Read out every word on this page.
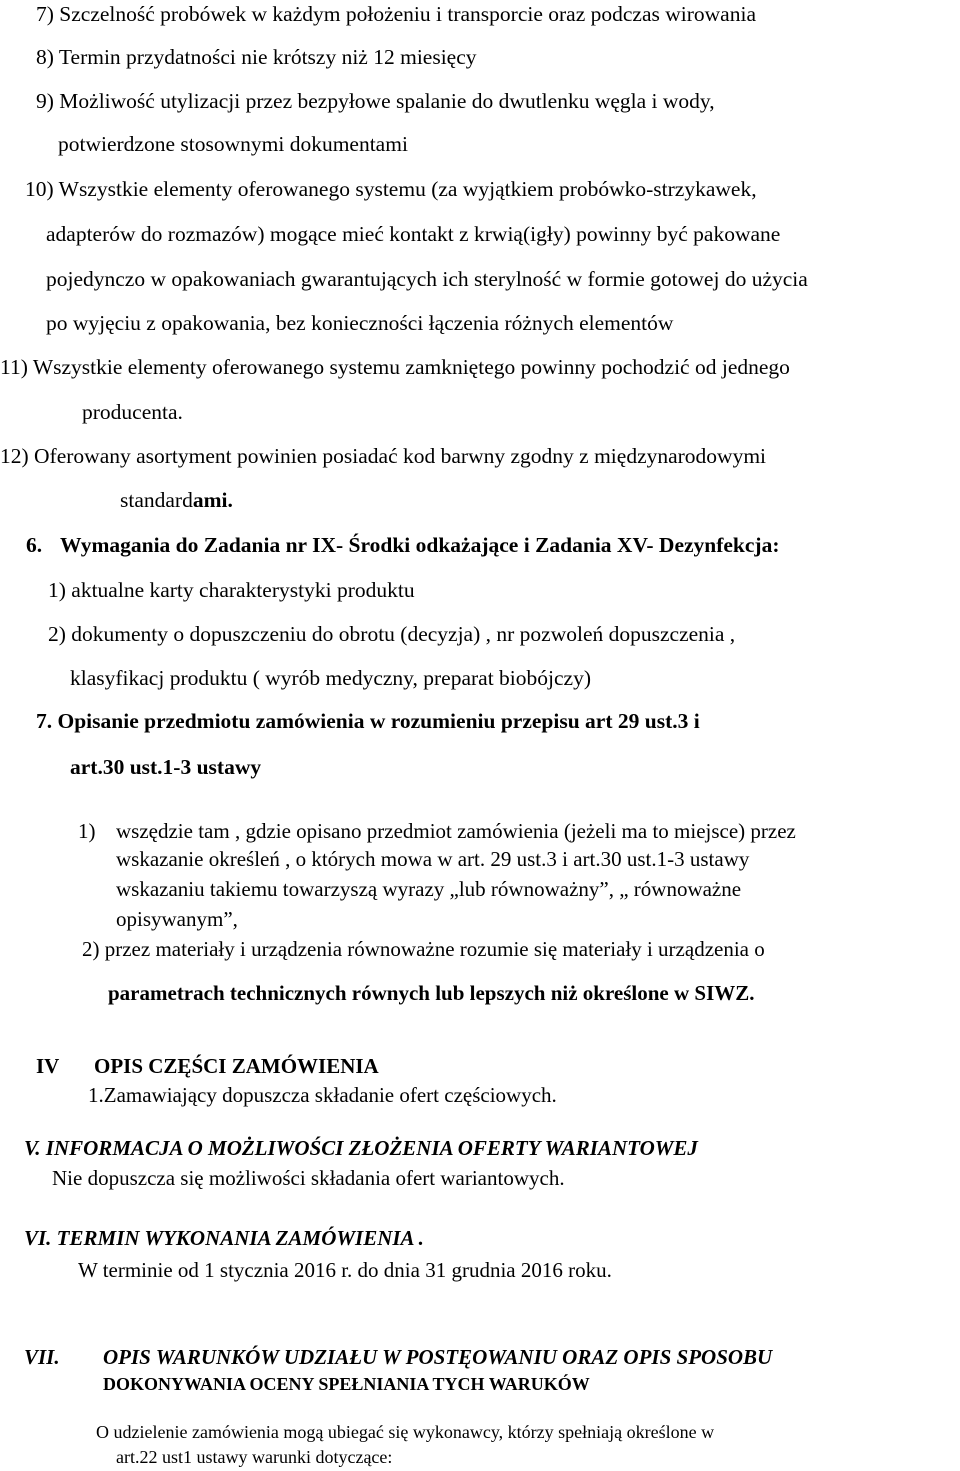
7) Szczelność probówek w każdym położeniu i transporcie oraz podczas wirowania

8) Termin przydatności nie krótszy niż 12 miesięcy

9) Możliwość utylizacji przez bezpyłowe spalanie do dwutlenku węgla i wody,

potwierdzone stosownymi dokumentami

10) Wszystkie elementy oferowanego systemu (za wyjątkiem probówko-strzykawek,

adapterów do rozmazów) mogące mieć kontakt z krwią(igły) powinny być pakowane

pojedynczo w opakowaniach gwarantujących ich sterylność w formie gotowej do użycia

po wyjęciu z opakowania, bez konieczności łączenia różnych elementów

11) Wszystkie elementy oferowanego systemu zamkniętego powinny pochodzić od jednego

producenta.

12) Oferowany asortyment powinien posiadać kod barwny zgodny z międzynarodowymi

standardami.

6. Wymagania do Zadania nr IX- Środki odkażające i Zadania XV- Dezynfekcja:

1) aktualne karty charakterystyki produktu

2) dokumenty o dopuszczeniu do obrotu (decyzja) , nr pozwoleń dopuszczenia ,

klasyfikacj produktu ( wyrób medyczny, preparat biobójczy)

7. Opisanie przedmiotu zamówienia w rozumieniu przepisu art 29 ust.3 i

art.30 ust.1-3 ustawy

1) wszędzie tam , gdzie opisano przedmiot zamówienia (jeżeli ma to miejsce) przez

wskazanie określeń , o których mowa w art. 29 ust.3 i art.30 ust.1-3 ustawy

wskazaniu takiemu towarzyszą wyrazy „lub równoważny”, „ równoważne

opisywanym”,

2) przez materiały i urządzenia równoważne rozumie się materiały i urządzenia o

parametrach technicznych równych lub lepszych niż określone w SIWZ.

IV OPIS CZĘŚCI ZAMÓWIENIA

1.Zamawiający dopuszcza składanie ofert częściowych.

V. INFORMACJA O MOŻLIWOŚCI ZŁOŻENIA OFERTY WARIANTOWEJ

Nie dopuszcza się możliwości składania ofert wariantowych.

VI. TERMIN WYKONANIA ZAMÓWIENIA .

W terminie od 1 stycznia 2016 r. do dnia 31 grudnia 2016 roku.

VII. OPIS WARUNKÓW UDZIAŁU W POSTĘOWANIU ORAZ OPIS SPOSOBU

DOKONYWANIA OCENY SPEŁNIANIA TYCH WARUKÓW

O udzielenie zamówienia mogą ubiegać się wykonawcy, którzy spełniają określone w

art.22 ust1 ustawy warunki dotyczące:
